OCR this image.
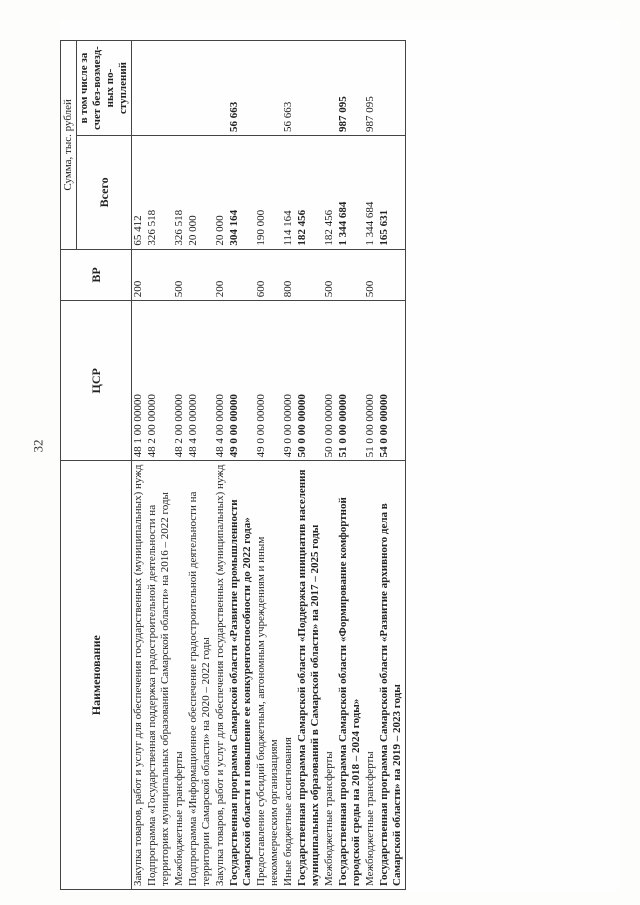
32
Наименование	ЦСР	ВР	Сумма, тыс. рублей	
			Всего	в том числе за счет без-возмезд-ных по-ступлений
Закупка товаров, работ и услуг для обеспечения государственных (муниципальных) нужд	48 1 00 00000	200	65 412	
Подпрограмма «Государственная поддержка градостроительной деятельности на территориях муниципальных образований Самарской области» на 2016 – 2022 годы	48 2 00 00000		326 518	
Межбюджетные трансферты	48 2 00 00000	500	326 518	
Подпрограмма «Информационное обеспечение градостроительной деятельности на территории Самарской области» на 2020 – 2022 годы	48 4 00 00000		20 000	
Закупка товаров, работ и услуг для обеспечения государственных (муниципальных) нужд	48 4 00 00000	200	20 000	
Государственная программа Самарской области «Развитие промышленности Самарской области и повышение ее конкурентоспособности до 2022 года»	49 0 00 00000		304 164	56 663
Предоставление субсидий бюджетным, автономным учреждениям и иным некоммерческим организациям	49 0 00 00000	600	190 000	
Иные бюджетные ассигнования	49 0 00 00000	800	114 164	56 663
Государственная программа Самарской области «Поддержка инициатив населения муниципальных образований в Самарской области» на 2017 – 2025 годы	50 0 00 00000		182 456	
Межбюджетные трансферты	50 0 00 00000	500	182 456	
Государственная программа Самарской области «Формирование комфортной городской среды на 2018 – 2024 годы»	51 0 00 00000		1 344 684	987 095
Межбюджетные трансферты	51 0 00 00000	500	1 344 684	987 095
Государственная программа Самарской области «Развитие архивного дела в Самарской области» на 2019 – 2023 годы	54 0 00 00000		165 631	
